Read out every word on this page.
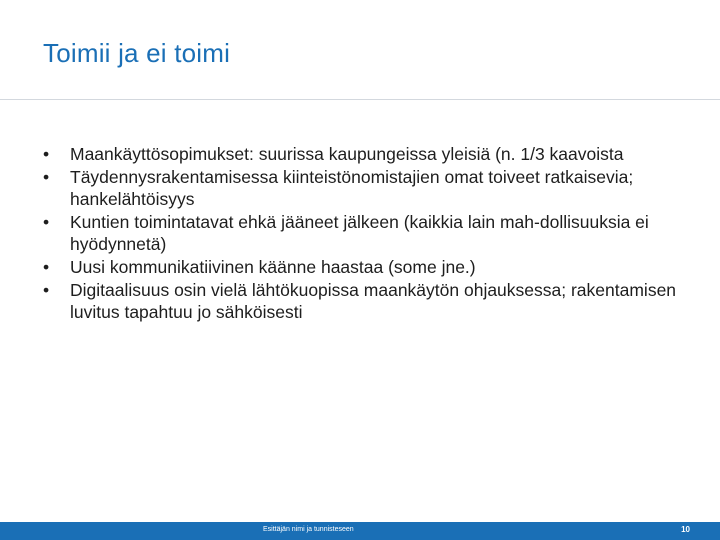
Toimii ja ei toimi
•	Maankäyttösopimukset: suurissa kaupungeissa yleisiä (n. 1/3 kaavoista
•	Täydennysrakentamisessa kiinteistönomistajien omat toiveet ratkaisevia; hankelähtöisyys
•	Kuntien toimintatavat ehkä jääneet jälkeen (kaikkia lain mah-dollisuuksia ei hyödynnetä)
•	Uusi kommunikatiivinen käänne haastaa (some jne.)
•	Digitaalisuus osin vielä lähtökuopissa maankäytön ohjauksessa; rakentamisen luvitus tapahtuu jo sähköisesti
Esittäjän nimi ja tunnisteseen	10
